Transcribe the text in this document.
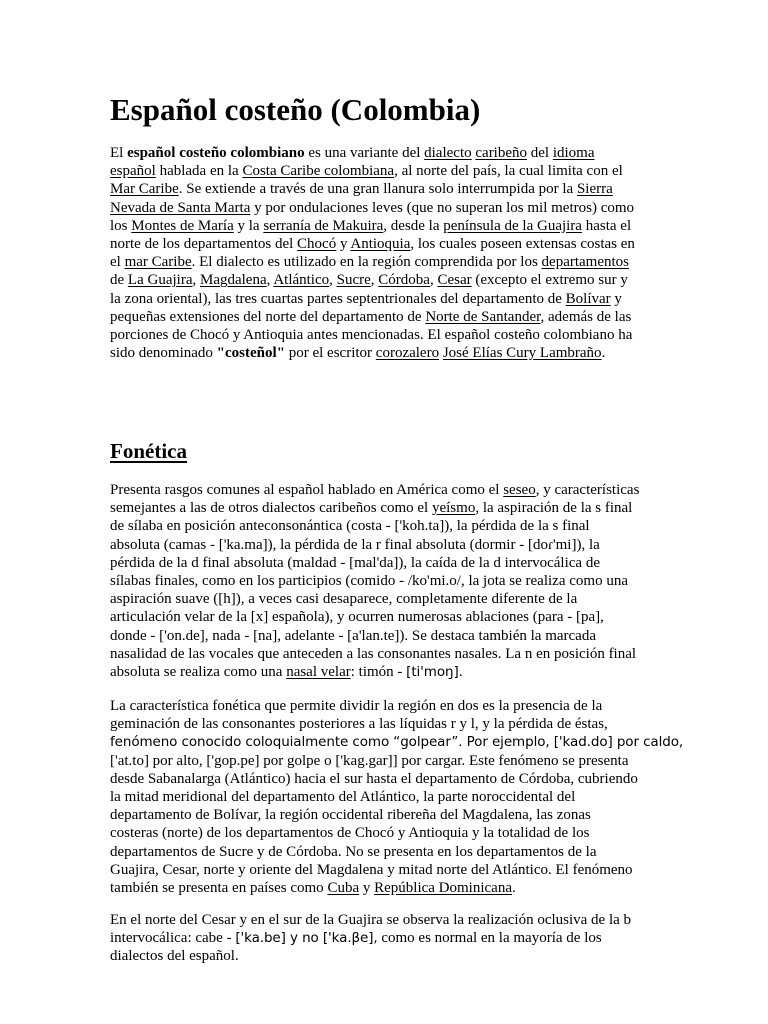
Español costeño (Colombia)
El español costeño colombiano es una variante del dialecto caribeño del idioma
español hablada en la Costa Caribe colombiana, al norte del país, la cual limita con el
Mar Caribe. Se extiende a través de una gran llanura solo interrumpida por la Sierra
Nevada de Santa Marta y por ondulaciones leves (que no superan los mil metros) como
los Montes de María y la serranía de Makuira, desde la península de la Guajira hasta el
norte de los departamentos del Chocó y Antioquia, los cuales poseen extensas costas en
el mar Caribe. El dialecto es utilizado en la región comprendida por los departamentos
de La Guajira, Magdalena, Atlántico, Sucre, Córdoba, Cesar (excepto el extremo sur y
la zona oriental), las tres cuartas partes septentrionales del departamento de Bolívar y
pequeñas extensiones del norte del departamento de Norte de Santander, además de las
porciones de Chocó y Antioquia antes mencionadas. El español costeño colombiano ha
sido denominado "costeñol" por el escritor corozalero José Elías Cury Lambraño.
Fonética
Presenta rasgos comunes al español hablado en América como el seseo, y características
semejantes a las de otros dialectos caribeños como el yeísmo, la aspiración de la s final
de sílaba en posición anteconsonántica (costa - ['koh.ta]), la pérdida de la s final
absoluta (camas - ['ka.ma]), la pérdida de la r final absoluta (dormir - [doɾ'mi]), la
pérdida de la d final absoluta (maldad - [mal'da]), la caída de la d intervocálica de
sílabas finales, como en los participios (comido - /ko'mi.o/, la jota se realiza como una
aspiración suave ([h]), a veces casi desaparece, completamente diferente de la
articulación velar de la [x] española), y ocurren numerosas ablaciones (para - [pa],
donde - ['on.de], nada - [na], adelante - [a'lan.te]). Se destaca también la marcada
nasalidad de las vocales que anteceden a las consonantes nasales. La n en posición final
absoluta se realiza como una nasal velar: timón - [ti'moŋ].
La característica fonética que permite dividir la región en dos es la presencia de la
geminación de las consonantes posteriores a las líquidas r y l, y la pérdida de éstas,
fenómeno conocido coloquialmente como “golpear”. Por ejemplo, ['kad.do] por caldo,
['at.to] por alto, ['gop.pe] por golpe o ['kag.gar]] por cargar. Este fenómeno se presenta
desde Sabanalarga (Atlántico) hacia el sur hasta el departamento de Córdoba, cubriendo
la mitad meridional del departamento del Atlántico, la parte noroccidental del
departamento de Bolívar, la región occidental ribereña del Magdalena, las zonas
costeras (norte) de los departamentos de Chocó y Antioquia y la totalidad de los
departamentos de Sucre y de Córdoba. No se presenta en los departamentos de la
Guajira, Cesar, norte y oriente del Magdalena y mitad norte del Atlántico. El fenómeno
también se presenta en países como Cuba y República Dominicana.
En el norte del Cesar y en el sur de la Guajira se observa la realización oclusiva de la b
intervocálica: cabe - ['ka.be] y no ['ka.βe], como es normal en la mayoría de los
dialectos del español.
